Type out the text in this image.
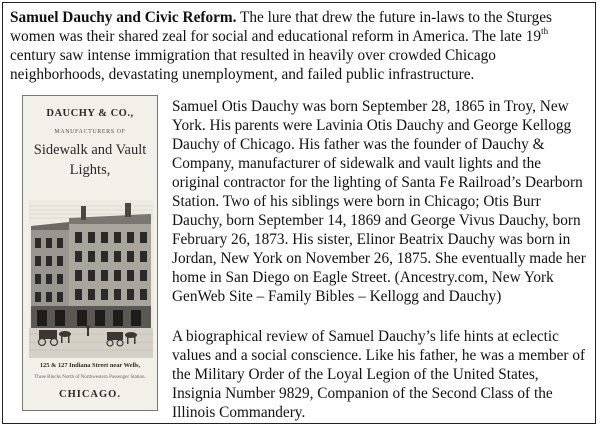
Samuel Dauchy and Civic Reform. The lure that drew the future in-laws to the Sturges women was their shared zeal for social and educational reform in America. The late 19th century saw intense immigration that resulted in heavily over crowded Chicago neighborhoods, devastating unemployment, and failed public infrastructure.
DAUCHY & CO.,
MANUFACTURERS OF
Sidewalk and Vault
Lights,
125 & 127 Indiana Street near Wells,
Three Blocks North of Northwestern Passenger Station.
CHICAGO.
Samuel Otis Dauchy was born September 28, 1865 in Troy, New York. His parents were Lavinia Otis Dauchy and George Kellogg Dauchy of Chicago. His father was the founder of Dauchy & Company, manufacturer of sidewalk and vault lights and the original contractor for the lighting of Santa Fe Railroad’s Dearborn Station. Two of his siblings were born in Chicago; Otis Burr Dauchy, born September 14, 1869 and George Vivus Dauchy, born February 26, 1873. His sister, Elinor Beatrix Dauchy was born in Jordan, New York on November 26, 1875. She eventually made her home in San Diego on Eagle Street. (Ancestry.com, New York GenWeb Site – Family Bibles – Kellogg and Dauchy)
A biographical review of Samuel Dauchy’s life hints at eclectic values and a social conscience. Like his father, he was a member of the Military Order of the Loyal Legion of the United States, Insignia Number 9829, Companion of the Second Class of the Illinois Commandery.
